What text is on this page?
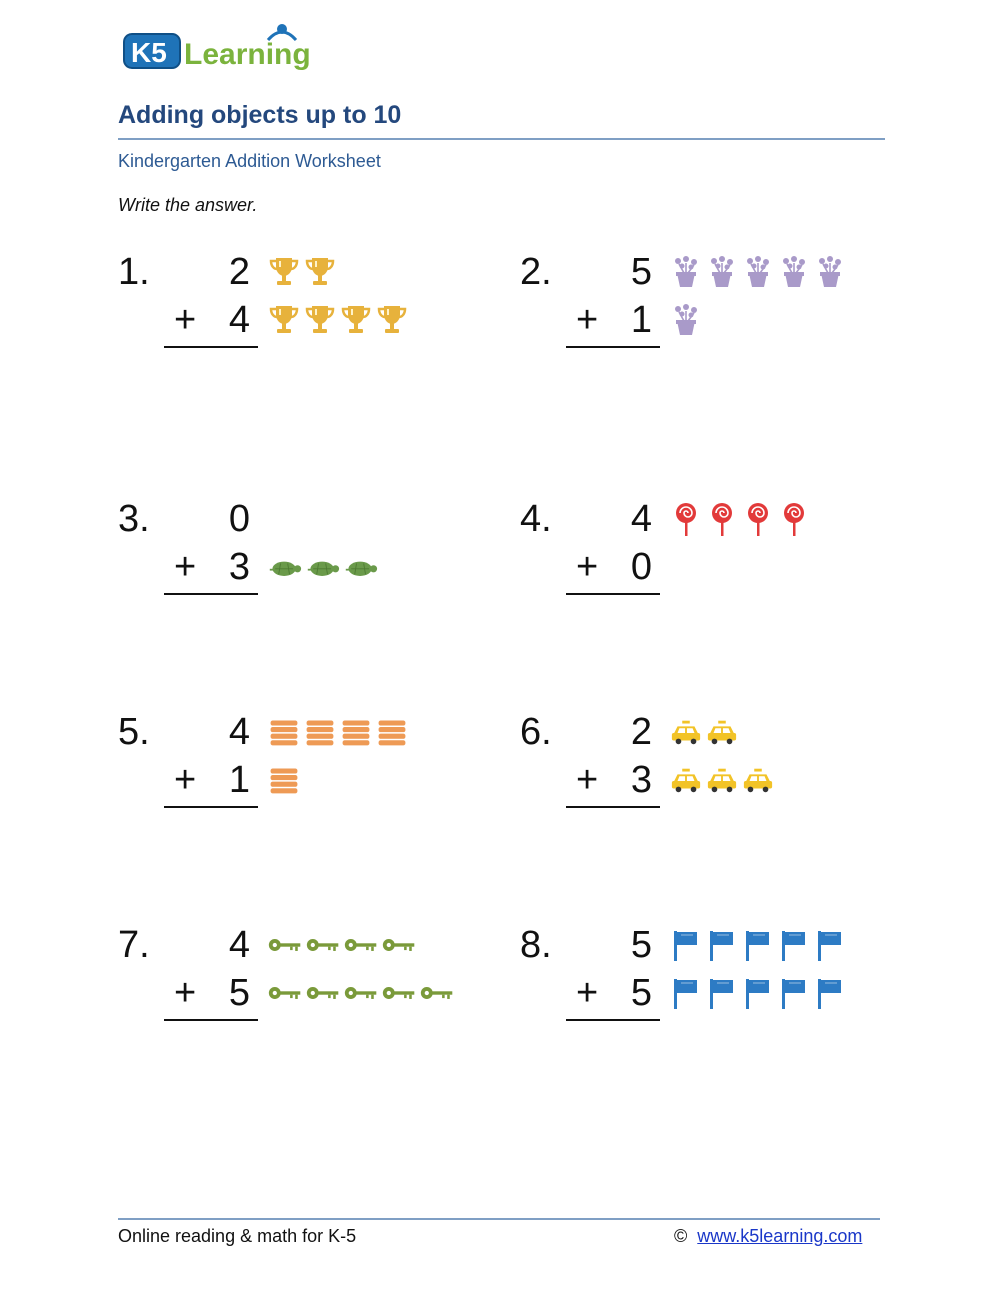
K5 Learning
Adding objects up to 10
Kindergarten Addition Worksheet
Write the answer.
1.	2
+ 4
2.	5
+ 1
3.	0
+ 3
4.	4
+ 0
5.	4
+ 1
6.	2
+ 3
7.	4
+ 5
8.	5
+ 5
Online reading & math for K-5	© www.k5learning.com
